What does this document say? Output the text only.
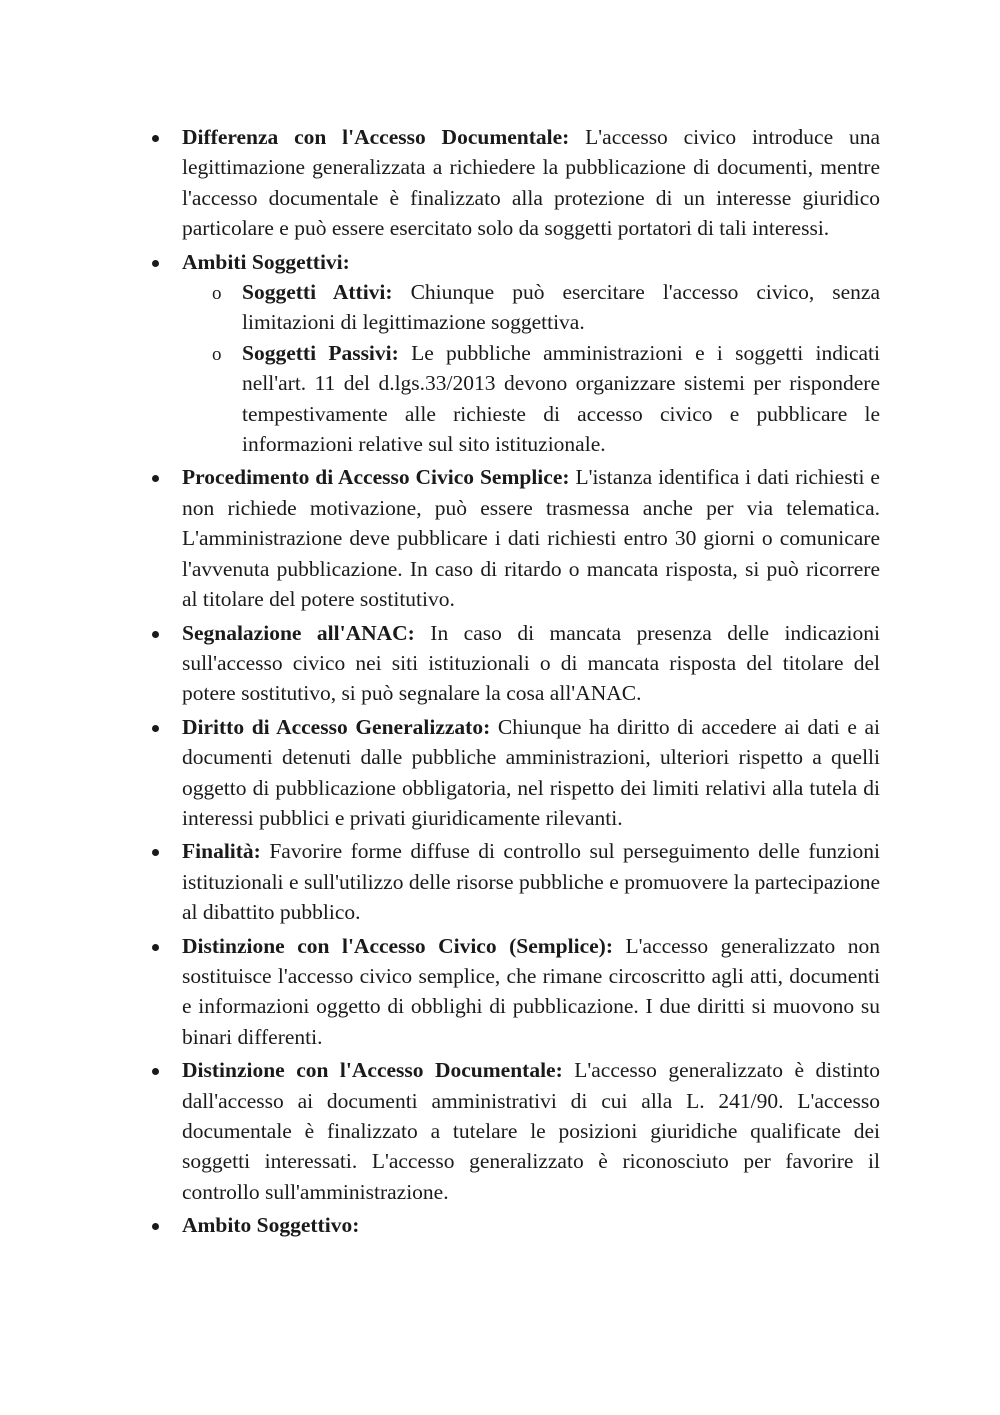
Differenza con l'Accesso Documentale: L'accesso civico introduce una legittimazione generalizzata a richiedere la pubblicazione di documenti, mentre l'accesso documentale è finalizzato alla protezione di un interesse giuridico particolare e può essere esercitato solo da soggetti portatori di tali interessi.

Ambiti Soggettivi:

o Soggetti Attivi: Chiunque può esercitare l'accesso civico, senza limitazioni di legittimazione soggettiva.

o Soggetti Passivi: Le pubbliche amministrazioni e i soggetti indicati nell'art. 11 del d.lgs.33/2013 devono organizzare sistemi per rispondere tempestivamente alle richieste di accesso civico e pubblicare le informazioni relative sul sito istituzionale.

Procedimento di Accesso Civico Semplice: L'istanza identifica i dati richiesti e non richiede motivazione, può essere trasmessa anche per via telematica. L'amministrazione deve pubblicare i dati richiesti entro 30 giorni o comunicare l'avvenuta pubblicazione. In caso di ritardo o mancata risposta, si può ricorrere al titolare del potere sostitutivo.

Segnalazione all'ANAC: In caso di mancata presenza delle indicazioni sull'accesso civico nei siti istituzionali o di mancata risposta del titolare del potere sostitutivo, si può segnalare la cosa all'ANAC.

Diritto di Accesso Generalizzato: Chiunque ha diritto di accedere ai dati e ai documenti detenuti dalle pubbliche amministrazioni, ulteriori rispetto a quelli oggetto di pubblicazione obbligatoria, nel rispetto dei limiti relativi alla tutela di interessi pubblici e privati giuridicamente rilevanti.

Finalità: Favorire forme diffuse di controllo sul perseguimento delle funzioni istituzionali e sull'utilizzo delle risorse pubbliche e promuovere la partecipazione al dibattito pubblico.

Distinzione con l'Accesso Civico (Semplice): L'accesso generalizzato non sostituisce l'accesso civico semplice, che rimane circoscritto agli atti, documenti e informazioni oggetto di obblighi di pubblicazione. I due diritti si muovono su binari differenti.

Distinzione con l'Accesso Documentale: L'accesso generalizzato è distinto dall'accesso ai documenti amministrativi di cui alla L. 241/90. L'accesso documentale è finalizzato a tutelare le posizioni giuridiche qualificate dei soggetti interessati. L'accesso generalizzato è riconosciuto per favorire il controllo sull'amministrazione.

Ambito Soggettivo:
